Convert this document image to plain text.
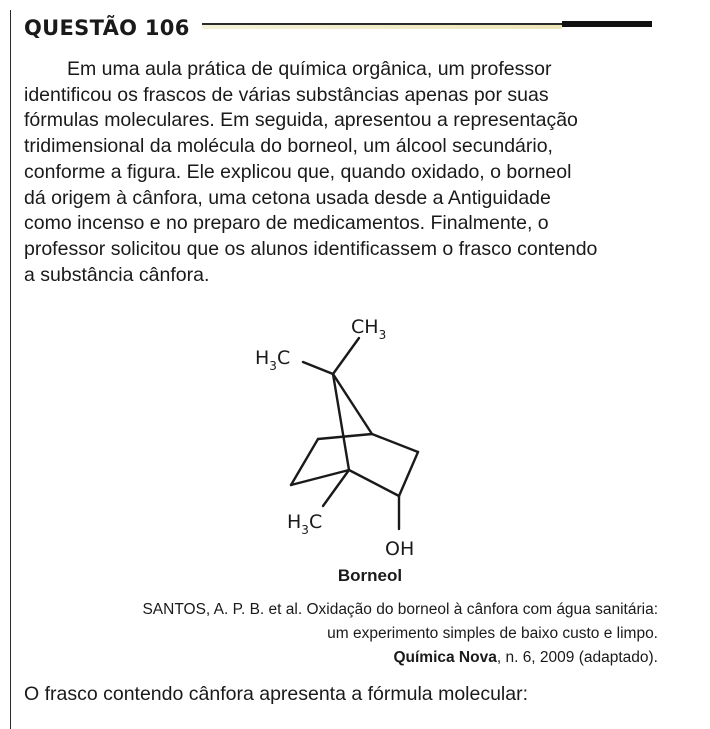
QUESTÃO 106
Em uma aula prática de química orgânica, um professor
identificou os frascos de várias substâncias apenas por suas
fórmulas moleculares. Em seguida, apresentou a representação
tridimensional da molécula do borneol, um álcool secundário,
conforme a figura. Ele explicou que, quando oxidado, o borneol
dá origem à cânfora, uma cetona usada desde a Antiguidade
como incenso e no preparo de medicamentos. Finalmente, o
professor solicitou que os alunos identificassem o frasco contendo
a substância cânfora.
$CH_3$
$H_3C$
$H_3C$
OH
Borneol
SANTOS, A. P. B. et al. Oxidação do borneol à cânfora com água sanitária:
um experimento simples de baixo custo e limpo.
Química Nova, n. 6, 2009 (adaptado).
O frasco contendo cânfora apresenta a fórmula molecular:
